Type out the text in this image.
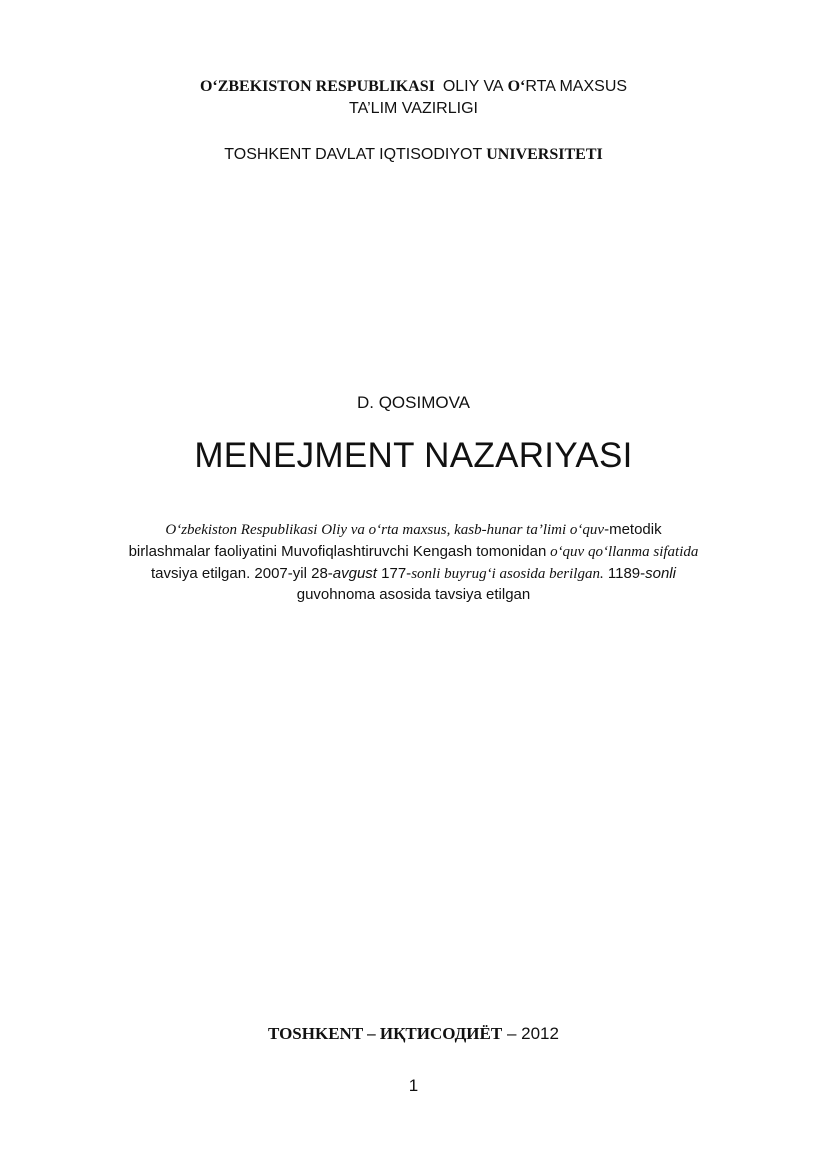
O‘ZBEKISTON RESPUBLIKASI OLIY VA O‘RTA MAXSUS
TA’LIM VAZIRLIGI
TOSHKENT DAVLAT IQTISODIYOT UNIVERSITETI
D. QOSIMOVA
MENEJMENT NAZARIYASI
O‘zbekiston Respublikasi Oliy va o‘rta maxsus, kasb-hunar ta’limi o‘quv-metodik
birlashmalar faoliyatini Muvofiqlashtiruvchi Kengash tomonidan o‘quv qo‘llanma sifatida
tavsiya etilgan. 2007-yil 28-avgust 177-sonli buyrug‘i asosida berilgan. 1189-sonli
guvohnoma asosida tavsiya etilgan
TOSHKENT – ИҚТИСОДИЁТ – 2012
1
